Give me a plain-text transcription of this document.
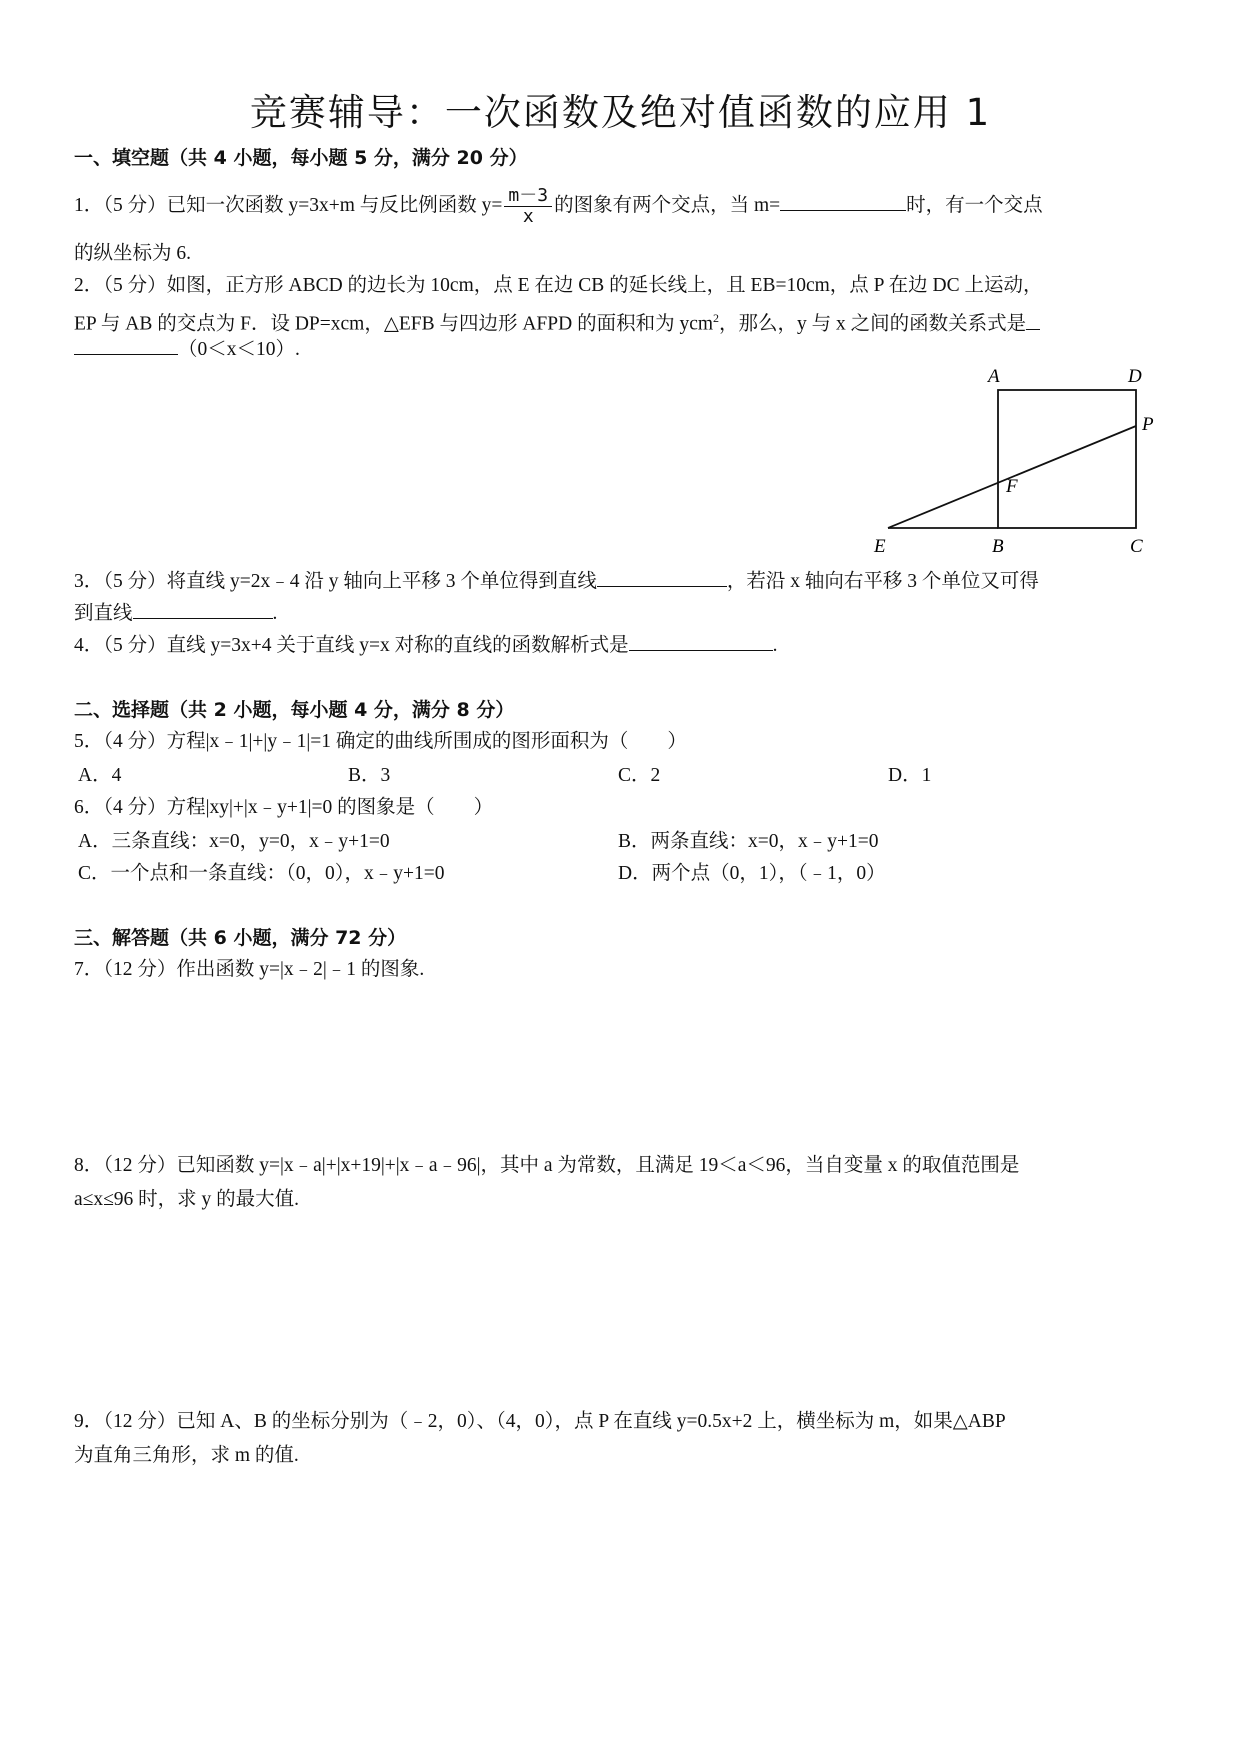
竞赛辅导：一次函数及绝对值函数的应用 1
一、填空题（共 4 小题，每小题 5 分，满分 20 分）
1．（5 分）已知一次函数 y=3x+m 与反比例函数 $y= \frac{m-3}{x}$ 的图象有两个交点，当 m=	时，有一个交点
的纵坐标为 6.
2．（5 分）如图，正方形 ABCD 的边长为 10cm，点 E 在边 CB 的延长线上，且 EB=10cm，点 P 在边 DC 上运动，
EP 与 AB 的交点为 F．设 DP=xcm，△EFB 与四边形 AFPD 的面积和为 ycm$^2$，那么，y 与 x 之间的函数关系式是
（0＜x＜10）.
A	D
P
F
E	B	C
3．（5 分）将直线 y=2x﹣4 沿 y 轴向上平移 3 个单位得到直线	，若沿 x 轴向右平移 3 个单位又可得
到直线	.
4．（5 分）直线 y=3x+4 关于直线 y=x 对称的直线的函数解析式是	.
二、选择题（共 2 小题，每小题 4 分，满分 8 分）
5．（4 分）方程|x﹣1|+|y﹣1|=1 确定的曲线所围成的图形面积为（　　）
A．4	B．3	C．2	D．1
6．（4 分）方程|xy|+|x﹣y+1|=0 的图象是（　　）
A．三条直线：x=0，y=0，x﹣y+1=0	B．两条直线：x=0，x﹣y+1=0
C．一个点和一条直线：（0，0），x﹣y+1=0	D．两个点（0，1），（﹣1，0）
三、解答题（共 6 小题，满分 72 分）
7．（12 分）作出函数 y=|x﹣2|﹣1 的图象.
8．（12 分）已知函数 y=|x﹣a|+|x+19|+|x﹣a﹣96|，其中 a 为常数，且满足 19＜a＜96，当自变量 x 的取值范围是
a≤x≤96 时，求 y 的最大值.
9．（12 分）已知 A、B 的坐标分别为（﹣2，0）、（4，0），点 P 在直线 y=0.5x+2 上，横坐标为 m，如果△ABP
为直角三角形，求 m 的值.
